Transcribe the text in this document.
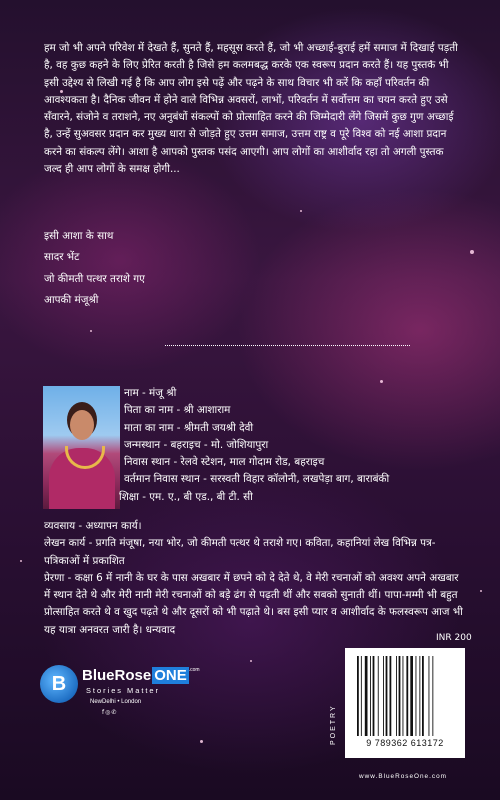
हम जो भी अपने परिवेश में देखते हैं, सुनते हैं, महसूस करते हैं, जो भी अच्छाई-बुराई हमें समाज में दिखाई पड़ती है, वह कुछ कहने के लिए प्रेरित करती है जिसे हम कलमबद्ध करके एक स्वरूप प्रदान करते हैं। यह पुस्तक भी इसी उद्देश्य से लिखी गई है कि आप लोग इसे पढ़ें और पढ़ने के साथ विचार भी करें कि कहाँ परिवर्तन की आवश्यकता है। दैनिक जीवन में होने वाले विभिन्न अवसरों, लाभों, परिवर्तन में सर्वोत्तम का चयन करते हुए उसे सँवारने, संजोने व तराशने, नए अनुबंधों संकल्पों को प्रोत्साहित करने की जिम्मेदारी लेंगे जिसमें कुछ गुण अच्छाई है, उन्हें सुअवसर प्रदान कर मुख्य धारा से जोड़ते हुए उत्तम समाज, उत्तम राष्ट्र व पूरे विश्व को नई आशा प्रदान करने का संकल्प लेंगे। आशा है आपको पुस्तक पसंद आएगी। आप लोगों का आशीर्वाद रहा तो अगली पुस्तक जल्द ही आप लोगों के समक्ष होगी...

इसी आशा के साथ
सादर भेंट
जो कीमती पत्थर तराशे गए
आपकी मंजूश्री
नाम - मंजू श्री
पिता का नाम - श्री आशाराम
माता का नाम - श्रीमती जयश्री देवी
जन्मस्थान - बहराइच - मो. जोशियापुरा
निवास स्थान - रेलवे स्टेशन, माल गोदाम रोड, बहराइच
वर्तमान निवास स्थान - सरस्वती विहार कॉलोनी, लखपेड़ा बाग, बाराबंकी
शिक्षा - एम. ए., बी एड., बी टी. सी

व्यवसाय - अध्यापन कार्य।

लेखन कार्य - प्रगति मंजूषा, नया भोर, जो कीमती पत्थर थे तराशे गए। कविता, कहानियां लेख विभिन्न पत्र-पत्रिकाओं में प्रकाशित

प्रेरणा - कक्षा 6 में नानी के घर के पास अखबार में छपने को दे देते थे, वे मेरी रचनाओं को अवश्य अपने अखबार में स्थान देते थे और मेरी नानी मेरी रचनाओं को बड़े ढंग से पढ़ती थीं और सबको सुनाती थीं। पापा-मम्मी भी बहुत प्रोत्साहित करते थे व खुद पढ़ते थे और दूसरों को भी पढ़ाते थे। बस इसी प्यार व आशीर्वाद के फलस्वरूप आज भी यह यात्रा अनवरत जारी है। धन्यवाद

INR 200
B	BlueRose ONE $^{.com}$
Stories Matter
NewDelhi • London
f◎✆	POETRY	9 789362 613172
www.BlueRoseOne.com
